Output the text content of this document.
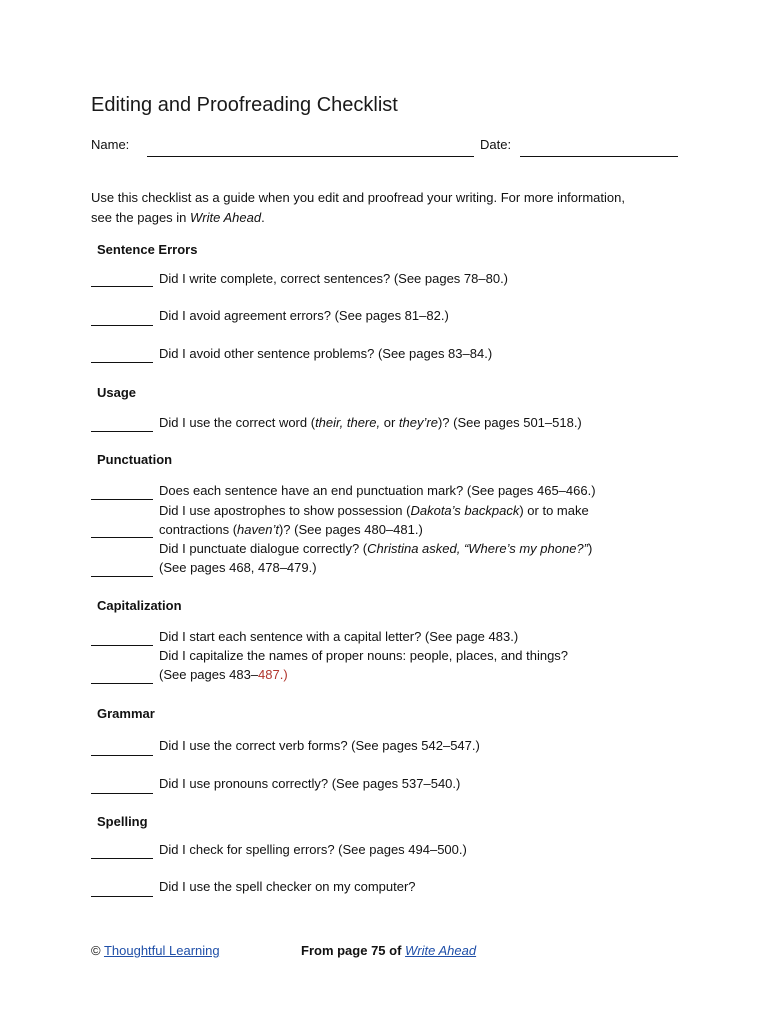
Editing and Proofreading Checklist
Name:	Date:
Use this checklist as a guide when you edit and proofread your writing. For more information,
see the pages in Write Ahead.
Sentence Errors
Did I write complete, correct sentences? (See pages 78–80.)
Did I avoid agreement errors? (See pages 81–82.)
Did I avoid other sentence problems? (See pages 83–84.)
Usage
Did I use the correct word (their, there, or they’re)? (See pages 501–518.)
Punctuation
Does each sentence have an end punctuation mark? (See pages 465–466.)
Did I use apostrophes to show possession (Dakota’s backpack) or to make
contractions (haven’t)? (See pages 480–481.)
Did I punctuate dialogue correctly? (Christina asked, “Where’s my phone?”)
(See pages 468, 478–479.)
Capitalization
Did I start each sentence with a capital letter? (See page 483.)
Did I capitalize the names of proper nouns: people, places, and things?
(See pages 483–487.)
Grammar
Did I use the correct verb forms? (See pages 542–547.)
Did I use pronouns correctly? (See pages 537–540.)
Spelling
Did I check for spelling errors? (See pages 494–500.)
Did I use the spell checker on my computer?
© Thoughtful Learning	From page 75 of Write Ahead
